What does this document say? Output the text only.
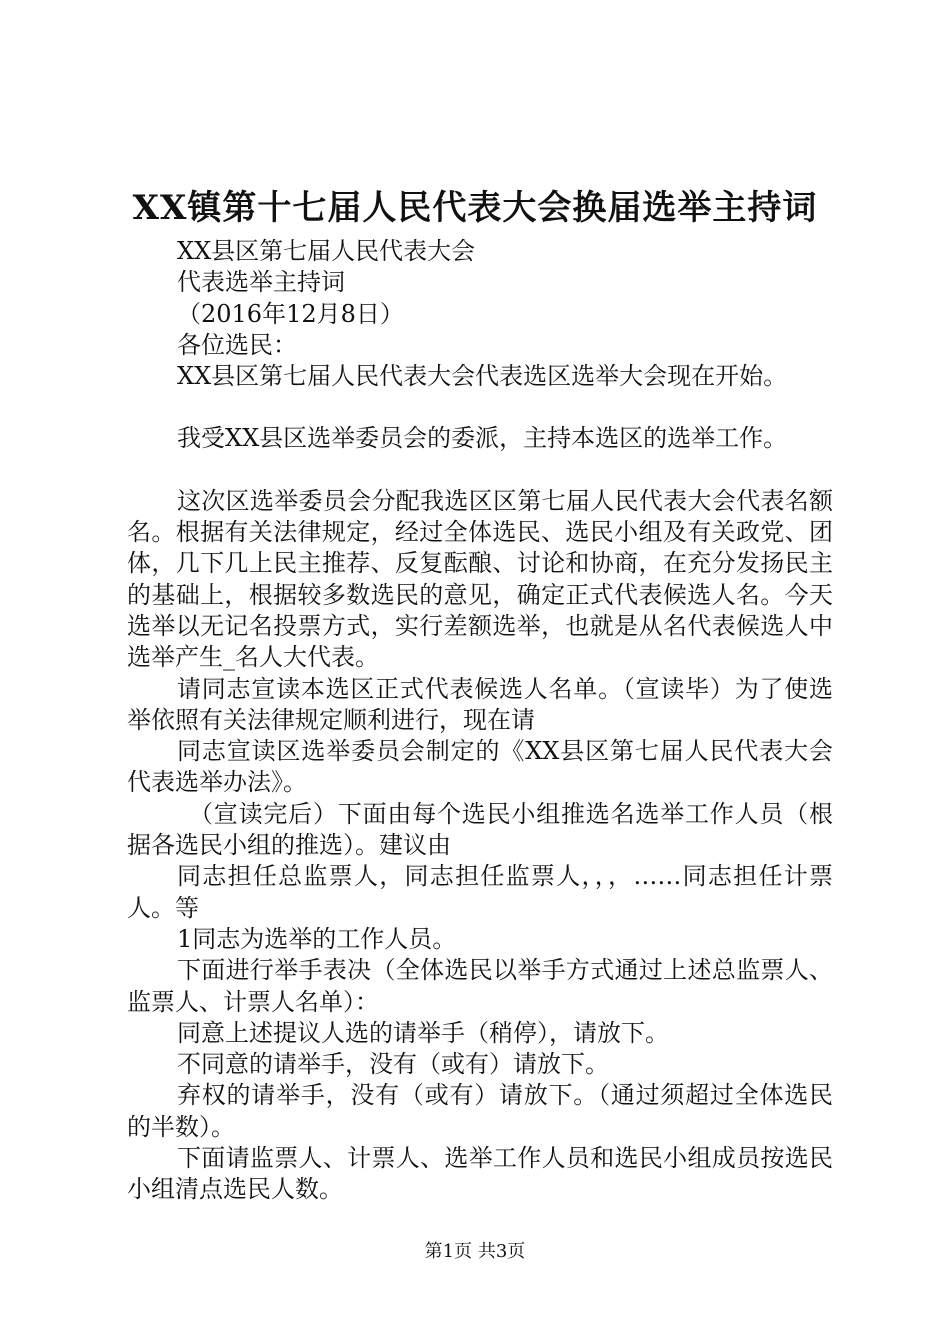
XX镇第十七届人民代表大会换届选举主持词

XX县区第七届人民代表大会

代表选举主持词

（2016年12月8日）

各位选民：

XX县区第七届人民代表大会代表选区选举大会现在开始。

我受XX县区选举委员会的委派，主持本选区的选举工作。

这次区选举委员会分配我选区区第七届人民代表大会代表名额名。根据有关法律规定，经过全体选民、选民小组及有关政党、团体，几下几上民主推荐、反复酝酿、讨论和协商，在充分发扬民主的基础上，根据较多数选民的意见，确定正式代表候选人名。今天选举以无记名投票方式，实行差额选举，也就是从名代表候选人中选举产生_名人大代表。

请同志宣读本选区正式代表候选人名单。（宣读毕）为了使选举依照有关法律规定顺利进行，现在请

同志宣读区选举委员会制定的《XX县区第七届人民代表大会代表选举办法》。

（宣读完后）下面由每个选民小组推选名选举工作人员（根据各选民小组的推选）。建议由

同志担任总监票人，同志担任监票人，，，……同志担任计票人。等

1同志为选举的工作人员。

下面进行举手表决（全体选民以举手方式通过上述总监票人、监票人、计票人名单）：

同意上述提议人选的请举手（稍停），请放下。

不同意的请举手，没有（或有）请放下。

弃权的请举手，没有（或有）请放下。（通过须超过全体选民的半数）。

下面请监票人、计票人、选举工作人员和选民小组成员按选民小组清点选民人数。

第1页 共3页
